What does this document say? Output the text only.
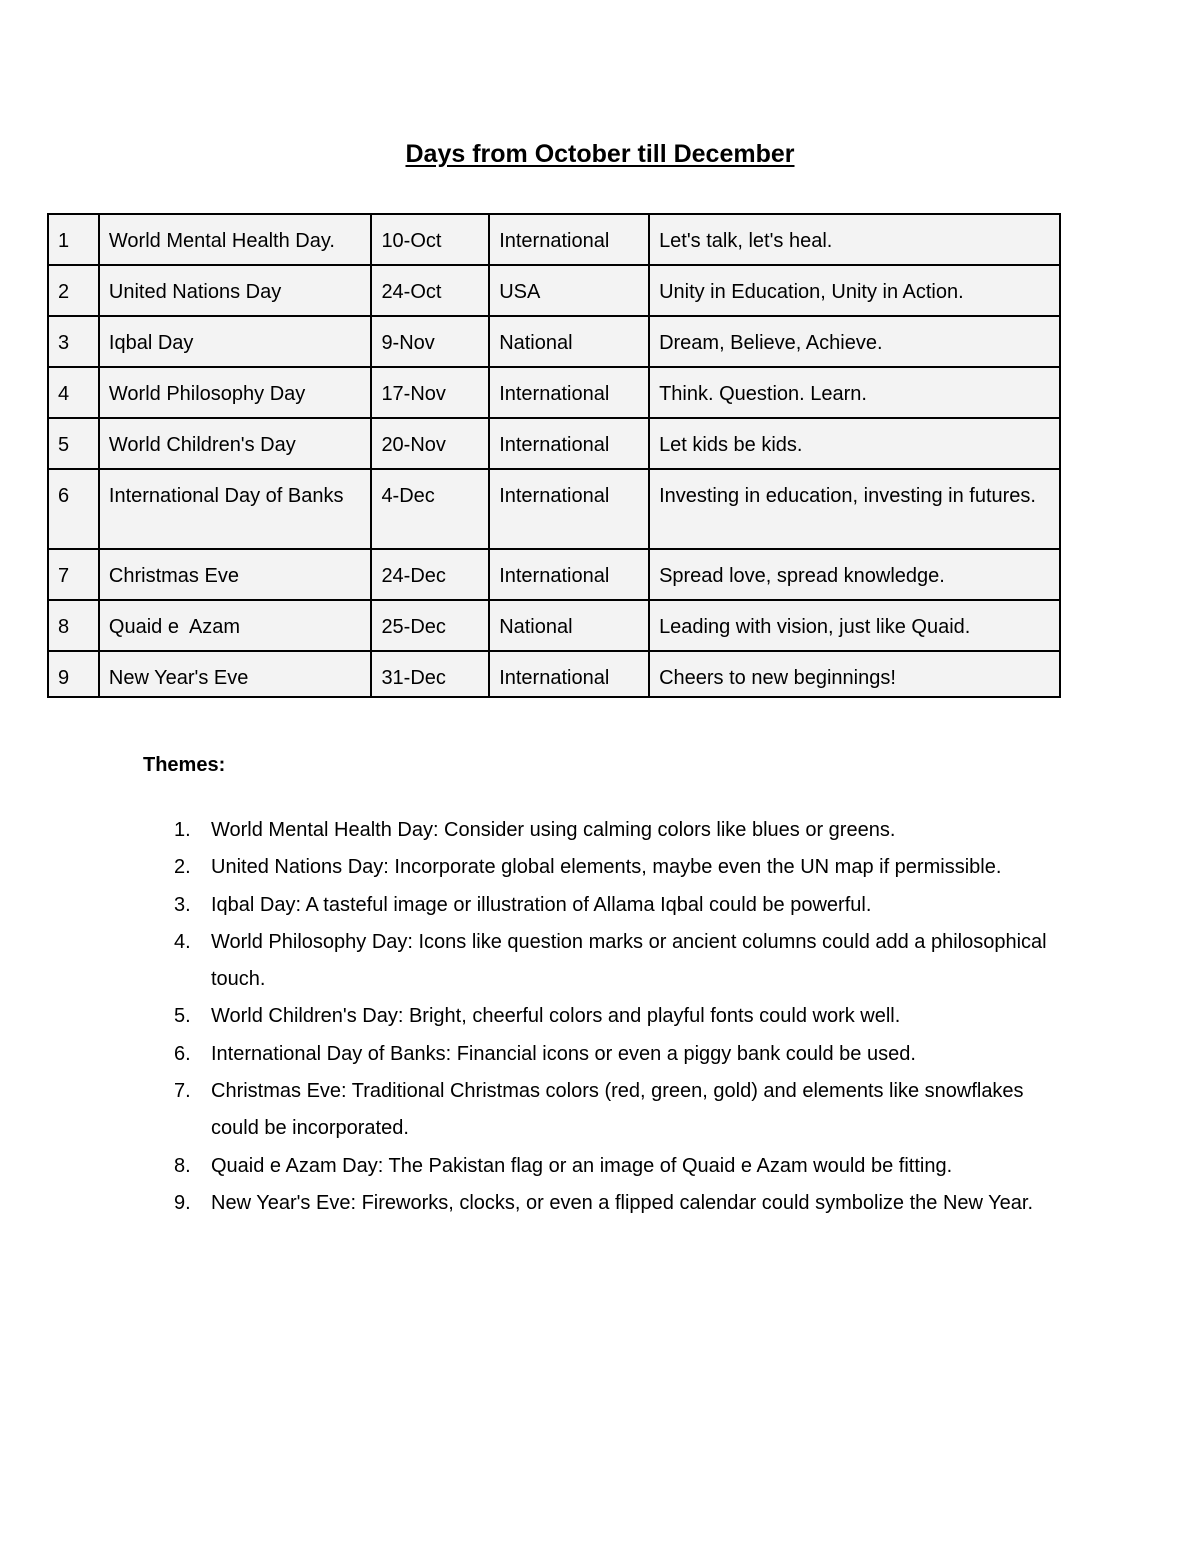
Days from October till December
1	World Mental Health Day.	10-Oct	International	Let's talk, let's heal.
2	United Nations Day	24-Oct	USA	Unity in Education, Unity in Action.
3	Iqbal Day	9-Nov	National	Dream, Believe, Achieve.
4	World Philosophy Day	17-Nov	International	Think. Question. Learn.
5	World Children's Day	20-Nov	International	Let kids be kids.
6	International Day of Banks	4-Dec	International	Investing in education, investing in futures.
7	Christmas Eve	24-Dec	International	Spread love, spread knowledge.
8	Quaid e  Azam	25-Dec	National	Leading with vision, just like Quaid.
9	New Year's Eve	31-Dec	International	Cheers to new beginnings!
Themes:
1. World Mental Health Day: Consider using calming colors like blues or greens.
2. United Nations Day: Incorporate global elements, maybe even the UN map if permissible.
3. Iqbal Day: A tasteful image or illustration of Allama Iqbal could be powerful.
4. World Philosophy Day: Icons like question marks or ancient columns could add a philosophical touch.
5. World Children's Day: Bright, cheerful colors and playful fonts could work well.
6. International Day of Banks: Financial icons or even a piggy bank could be used.
7. Christmas Eve: Traditional Christmas colors (red, green, gold) and elements like snowflakes could be incorporated.
8. Quaid e Azam Day: The Pakistan flag or an image of Quaid e Azam would be fitting.
9. New Year's Eve: Fireworks, clocks, or even a flipped calendar could symbolize the New Year.
